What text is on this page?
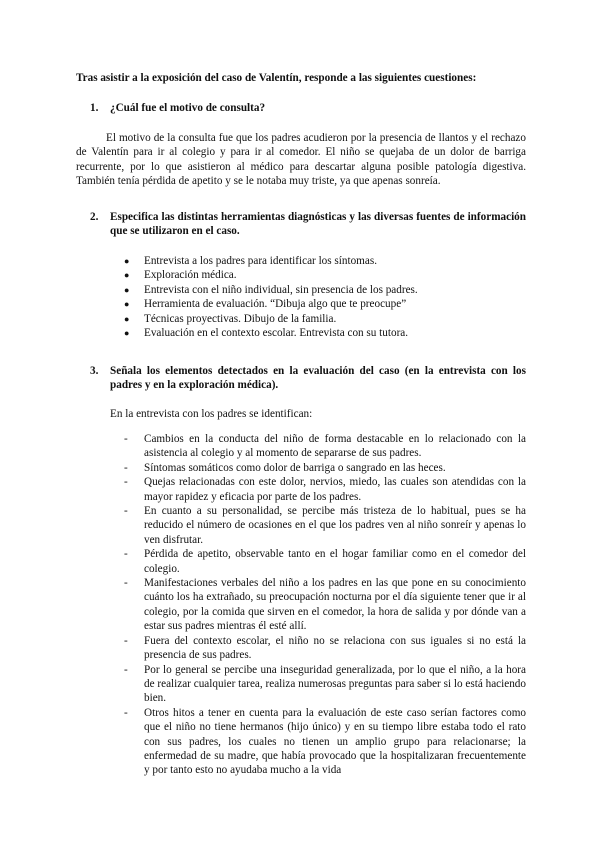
Tras asistir a la exposición del caso de Valentín, responde a las siguientes cuestiones:

1. ¿Cuál fue el motivo de consulta?

El motivo de la consulta fue que los padres acudieron por la presencia de llantos y el rechazo de Valentín para ir al colegio y para ir al comedor. El niño se quejaba de un dolor de barriga recurrente, por lo que asistieron al médico para descartar alguna posible patología digestiva. También tenía pérdida de apetito y se le notaba muy triste, ya que apenas sonreía.

2. Especifica las distintas herramientas diagnósticas y las diversas fuentes de información que se utilizaron en el caso.
● Entrevista a los padres para identificar los síntomas.
● Exploración médica.
● Entrevista con el niño individual, sin presencia de los padres.
● Herramienta de evaluación. “Dibuja algo que te preocupe”
● Técnicas proyectivas. Dibujo de la familia.
● Evaluación en el contexto escolar. Entrevista con su tutora.
3. Señala los elementos detectados en la evaluación del caso (en la entrevista con los padres y en la exploración médica).

En la entrevista con los padres se identifican:

- Cambios en la conducta del niño de forma destacable en lo relacionado con la asistencia al colegio y al momento de separarse de sus padres.
- Síntomas somáticos como dolor de barriga o sangrado en las heces.
- Quejas relacionadas con este dolor, nervios, miedo, las cuales son atendidas con la mayor rapidez y eficacia por parte de los padres.
- En cuanto a su personalidad, se percibe más tristeza de lo habitual, pues se ha reducido el número de ocasiones en el que los padres ven al niño sonreír y apenas lo ven disfrutar.
- Pérdida de apetito, observable tanto en el hogar familiar como en el comedor del colegio.
- Manifestaciones verbales del niño a los padres en las que pone en su conocimiento cuánto los ha extrañado, su preocupación nocturna por el día siguiente tener que ir al colegio, por la comida que sirven en el comedor, la hora de salida y por dónde van a estar sus padres mientras él esté allí.
- Fuera del contexto escolar, el niño no se relaciona con sus iguales si no está la presencia de sus padres.
- Por lo general se percibe una inseguridad generalizada, por lo que el niño, a la hora de realizar cualquier tarea, realiza numerosas preguntas para saber si lo está haciendo bien.
- Otros hitos a tener en cuenta para la evaluación de este caso serían factores como que el niño no tiene hermanos (hijo único) y en su tiempo libre estaba todo el rato con sus padres, los cuales no tienen un amplio grupo para relacionarse; la enfermedad de su madre, que había provocado que la hospitalizaran frecuentemente y por tanto esto no ayudaba mucho a la vida
